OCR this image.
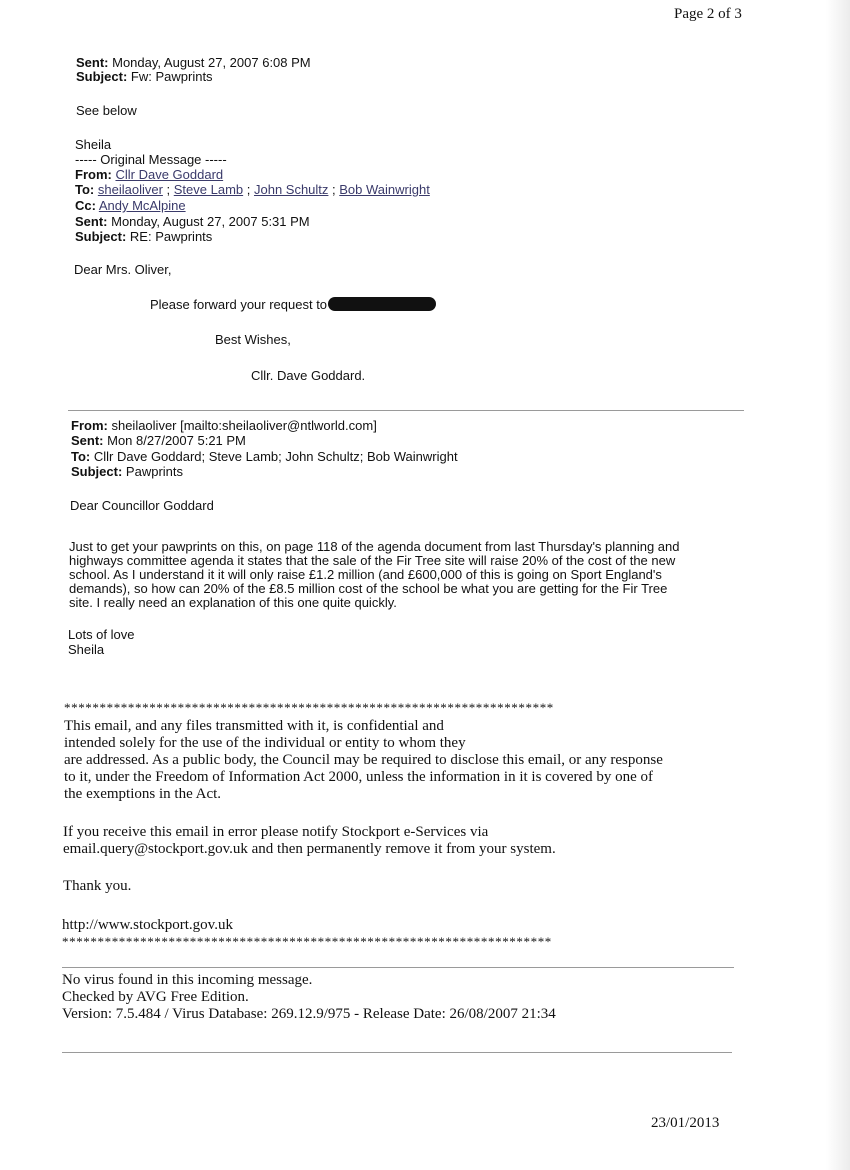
Page 2 of 3
Sent: Monday, August 27, 2007 6:08 PM
Subject: Fw: Pawprints
See below
Sheila
----- Original Message -----
From: Cllr Dave Goddard
To: sheilaoliver ; Steve Lamb ; John Schultz ; Bob Wainwright
Cc: Andy McAlpine
Sent: Monday, August 27, 2007 5:31 PM
Subject: RE: Pawprints
Dear Mrs. Oliver,
Please forward your request to
Best Wishes,
Cllr. Dave Goddard.
From: sheilaoliver [mailto:sheilaoliver@ntlworld.com]
Sent: Mon 8/27/2007 5:21 PM
To: Cllr Dave Goddard; Steve Lamb; John Schultz; Bob Wainwright
Subject: Pawprints
Dear Councillor Goddard
Just to get your pawprints on this, on page 118 of the agenda document from last Thursday's planning and
highways committee agenda it states that the sale of the Fir Tree site will raise 20% of the cost of the new
school. As I understand it it will only raise £1.2 million (and £600,000 of this is going on Sport England's
demands), so how can 20% of the £8.5 million cost of the school be what you are getting for the Fir Tree
site. I really need an explanation of this one quite quickly.
Lots of love
Sheila
*********************************************************************
This email, and any files transmitted with it, is confidential and
intended solely for the use of the individual or entity to whom they
are addressed. As a public body, the Council may be required to disclose this email, or any response
to it, under the Freedom of Information Act 2000, unless the information in it is covered by one of
the exemptions in the Act.
If you receive this email in error please notify Stockport e-Services via
email.query@stockport.gov.uk and then permanently remove it from your system.
Thank you.
http://www.stockport.gov.uk
*********************************************************************
No virus found in this incoming message.
Checked by AVG Free Edition.
Version: 7.5.484 / Virus Database: 269.12.9/975 - Release Date: 26/08/2007 21:34
23/01/2013
